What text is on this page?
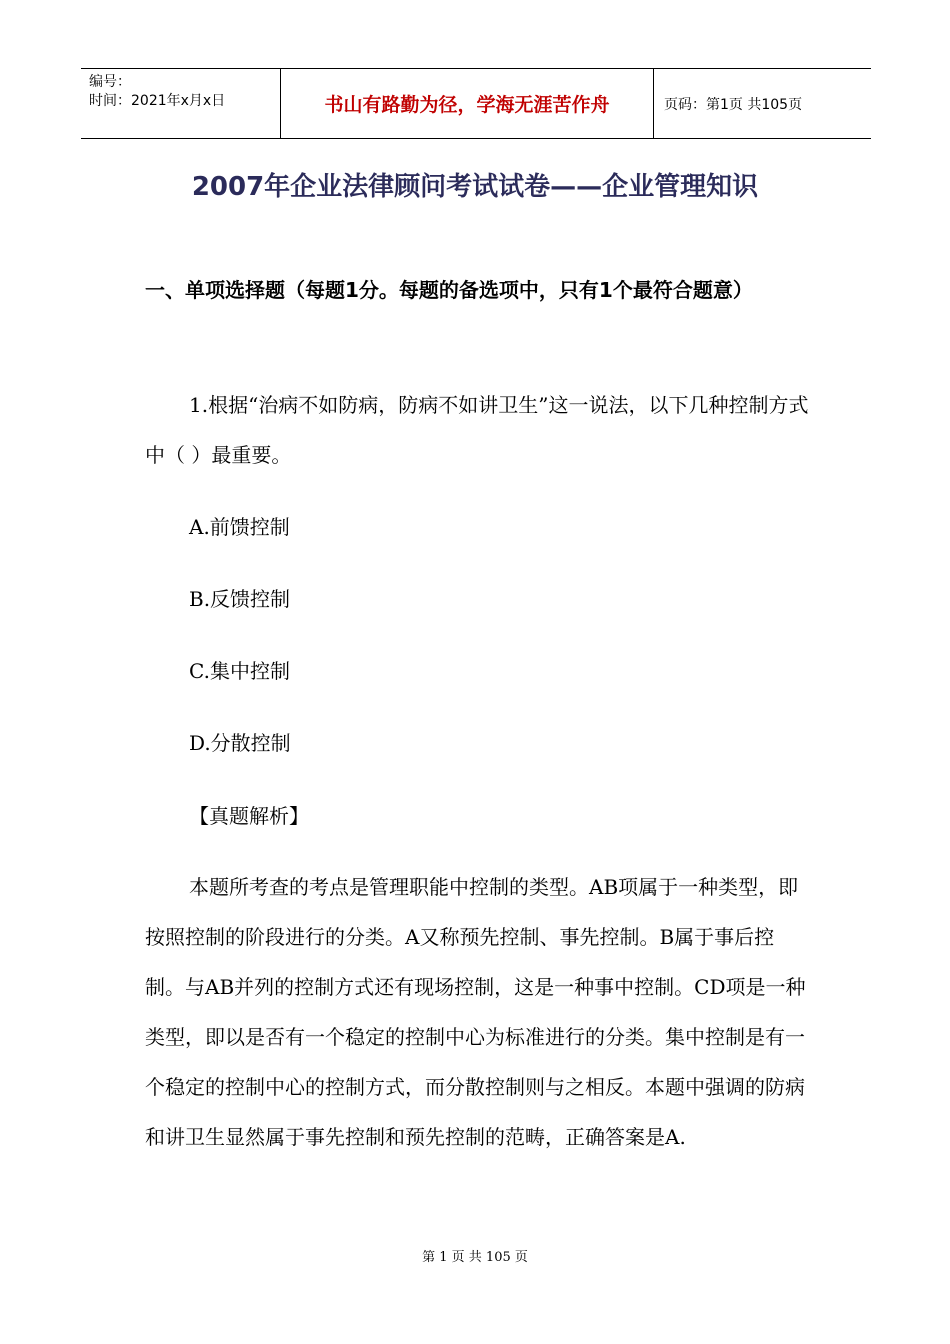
编号：
时间：2021年x月x日	书山有路勤为径，学海无涯苦作舟	页码：第1页 共105页
2007年企业法律顾问考试试卷——企业管理知识
一、单项选择题（每题1分。每题的备选项中，只有1个最符合题意）
1.根据“治病不如防病，防病不如讲卫生”这一说法，以下几种控制方式中（ ）最重要。
A.前馈控制
B.反馈控制
C.集中控制
D.分散控制
【真题解析】
本题所考查的考点是管理职能中控制的类型。AB项属于一种类型，即按照控制的阶段进行的分类。A又称预先控制、事先控制。B属于事后控制。与AB并列的控制方式还有现场控制，这是一种事中控制。CD项是一种类型，即以是否有一个稳定的控制中心为标准进行的分类。集中控制是有一个稳定的控制中心的控制方式，而分散控制则与之相反。本题中强调的防病和讲卫生显然属于事先控制和预先控制的范畴，正确答案是A.
第 1 页 共 105 页
